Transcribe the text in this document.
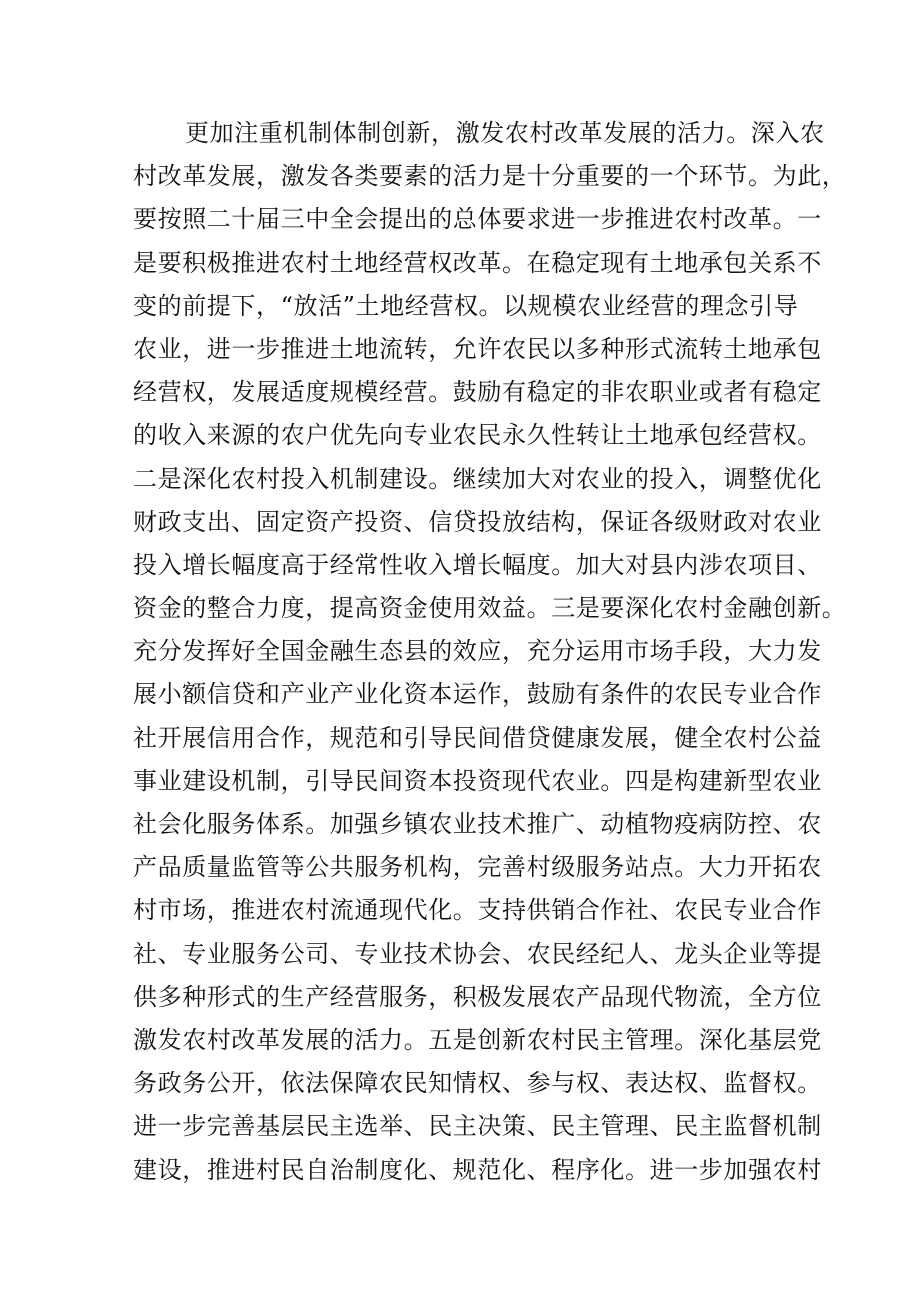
更加注重机制体制创新，激发农村改革发展的活力。深入农
村改革发展，激发各类要素的活力是十分重要的一个环节。为此，
要按照二十届三中全会提出的总体要求进一步推进农村改革。一
是要积极推进农村土地经营权改革。在稳定现有土地承包关系不
变的前提下，“放活”土地经营权。以规模农业经营的理念引导
农业，进一步推进土地流转，允许农民以多种形式流转土地承包
经营权，发展适度规模经营。鼓励有稳定的非农职业或者有稳定
的收入来源的农户优先向专业农民永久性转让土地承包经营权。
二是深化农村投入机制建设。继续加大对农业的投入，调整优化
财政支出、固定资产投资、信贷投放结构，保证各级财政对农业
投入增长幅度高于经常性收入增长幅度。加大对县内涉农项目、
资金的整合力度，提高资金使用效益。三是要深化农村金融创新。
充分发挥好全国金融生态县的效应，充分运用市场手段，大力发
展小额信贷和产业产业化资本运作，鼓励有条件的农民专业合作
社开展信用合作，规范和引导民间借贷健康发展，健全农村公益
事业建设机制，引导民间资本投资现代农业。四是构建新型农业
社会化服务体系。加强乡镇农业技术推广、动植物疫病防控、农
产品质量监管等公共服务机构，完善村级服务站点。大力开拓农
村市场，推进农村流通现代化。支持供销合作社、农民专业合作
社、专业服务公司、专业技术协会、农民经纪人、龙头企业等提
供多种形式的生产经营服务，积极发展农产品现代物流，全方位
激发农村改革发展的活力。五是创新农村民主管理。深化基层党
务政务公开，依法保障农民知情权、参与权、表达权、监督权。
进一步完善基层民主选举、民主决策、民主管理、民主监督机制
建设，推进村民自治制度化、规范化、程序化。进一步加强农村
